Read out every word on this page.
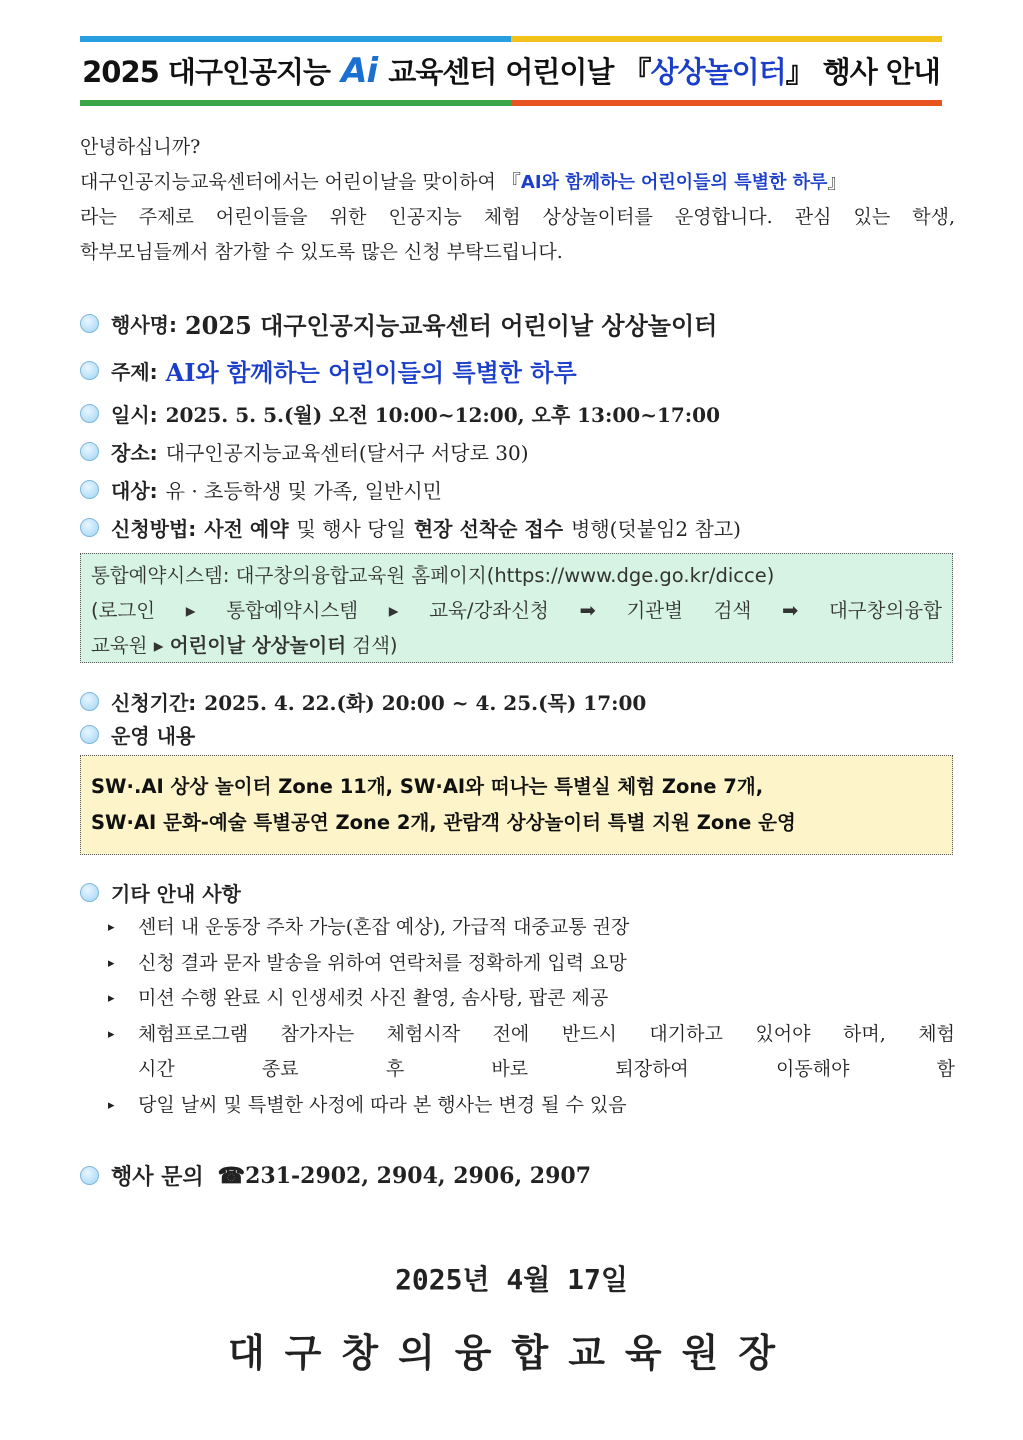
2025 대구인공지능 Ai 교육센터 어린이날 『상상놀이터』 행사 안내
안녕하십니까?
대구인공지능교육센터에서는 어린이날을 맞이하여 『AI와 함께하는 어린이들의 특별한 하루』
라는 주제로 어린이들을 위한 인공지능 체험 상상놀이터를 운영합니다. 관심 있는 학생,
학부모님들께서 참가할 수 있도록 많은 신청 부탁드립니다.
행사명: 2025 대구인공지능교육센터 어린이날 상상놀이터
주제: AI와 함께하는 어린이들의 특별한 하루
일시: 2025. 5. 5.(월) 오전 10:00~12:00, 오후 13:00~17:00
장소: 대구인공지능교육센터(달서구 서당로 30)
대상: 유 · 초등학생 및 가족, 일반시민
신청방법: 사전 예약 및 행사 당일 현장 선착순 접수 병행(덧붙임2 참고)
통합예약시스템: 대구창의융합교육원 홈페이지(https://www.dge.go.kr/dicce)
(로그인 ▸ 통합예약시스템 ▸ 교육/강좌신청 ➡ 기관별 검색 ➡ 대구창의융합
교육원 ▸ 어린이날 상상놀이터 검색)
신청기간: 2025. 4. 22.(화) 20:00 ~ 4. 25.(목) 17:00
운영 내용
SW·.AI 상상 놀이터 Zone 11개, SW·AI와 떠나는 특별실 체험 Zone 7개,
SW·AI 문화-예술 특별공연 Zone 2개, 관람객 상상놀이터 특별 지원 Zone 운영
기타 안내 사항
▸	센터 내 운동장 주차 가능(혼잡 예상), 가급적 대중교통 권장
▸	신청 결과 문자 발송을 위하여 연락처를 정확하게 입력 요망
▸	미션 수행 완료 시 인생세컷 사진 촬영, 솜사탕, 팝콘 제공
▸	체험프로그램 참가자는 체험시작 전에 반드시 대기하고 있어야 하며, 체험
시간 종료 후 바로 퇴장하여 이동해야 함
▸	당일 날씨 및 특별한 사정에 따라 본 행사는 변경 될 수 있음
행사 문의 ☎ 231-2902, 2904, 2906, 2907
2025년 4월 17일
대구창의융합교육원장
